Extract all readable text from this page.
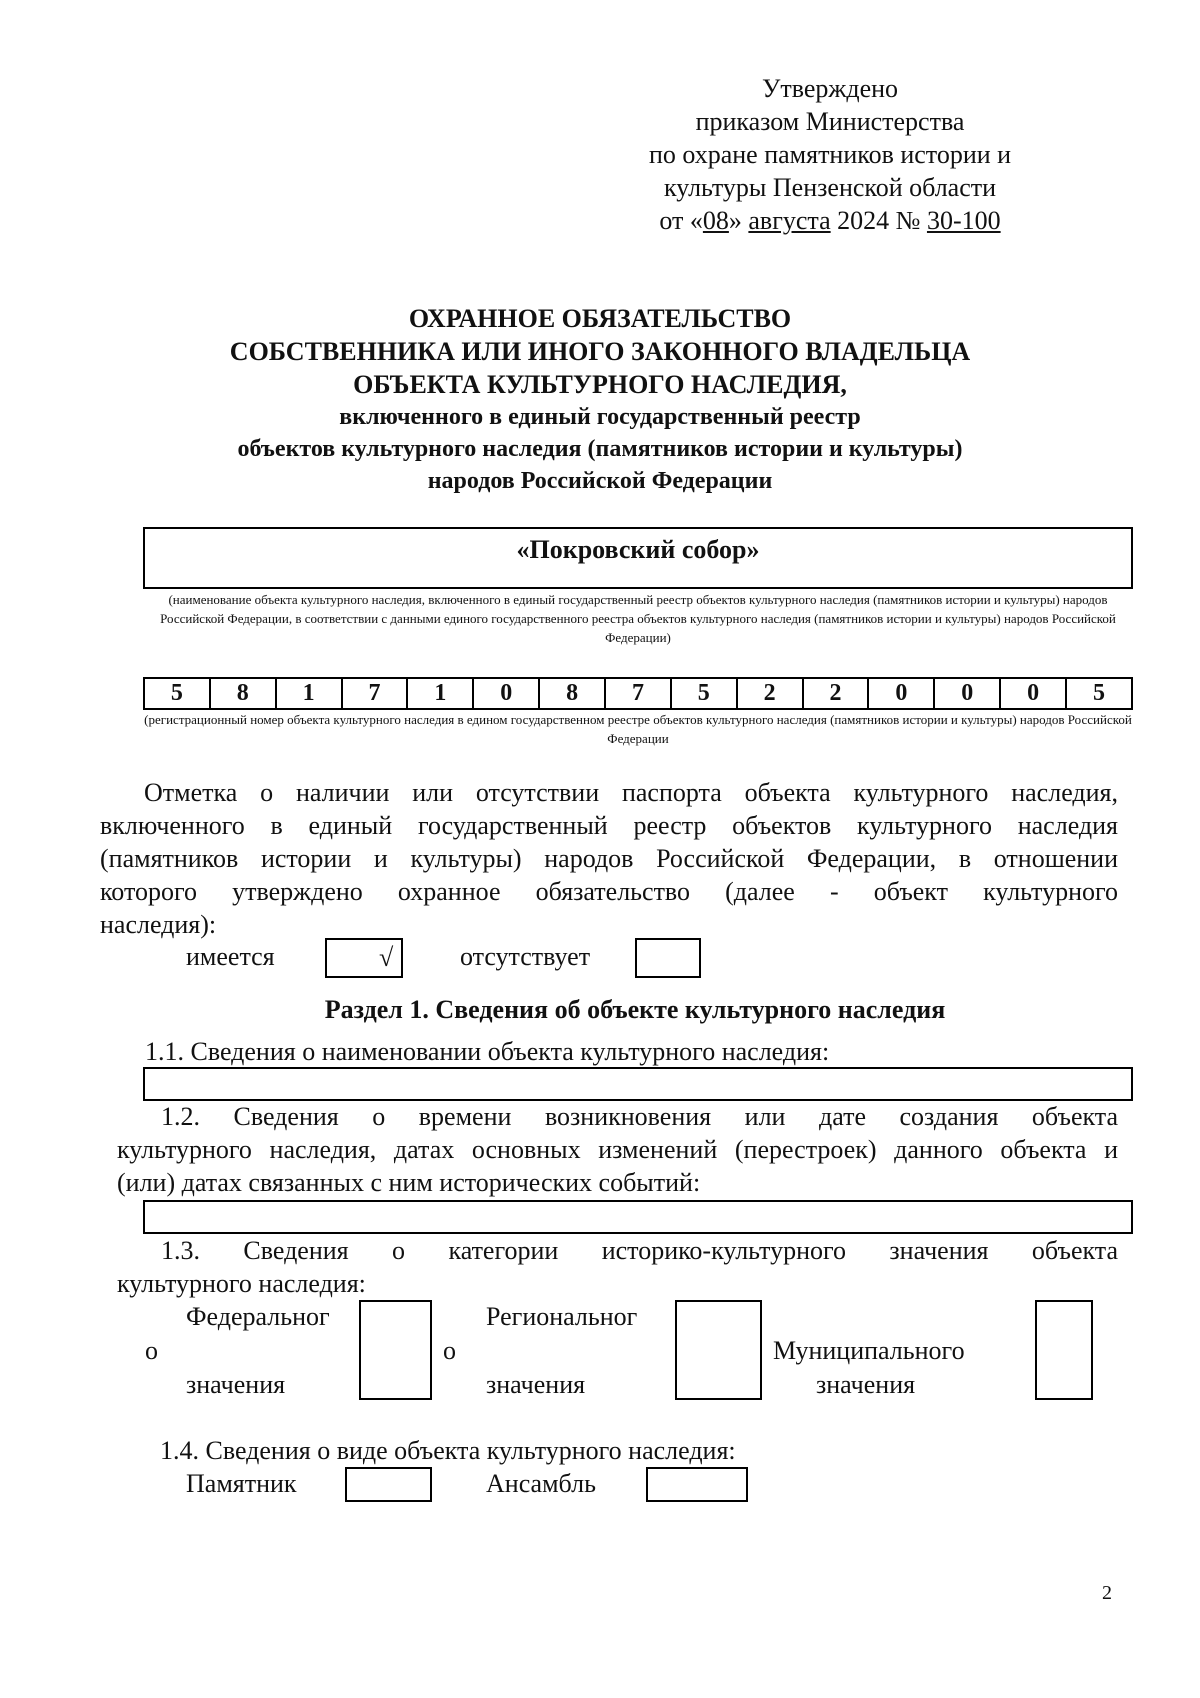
Утверждено
приказом Министерства
по охране памятников истории и
культуры Пензенской области
от «08» августа 2024 № 30-100
ОХРАННОЕ ОБЯЗАТЕЛЬСТВО
СОБСТВЕННИКА ИЛИ ИНОГО ЗАКОННОГО ВЛАДЕЛЬЦА
ОБЪЕКТА КУЛЬТУРНОГО НАСЛЕДИЯ,
включенного в единый государственный реестр
объектов культурного наследия (памятников истории и культуры)
народов Российской Федерации
«Покровский собор»
(наименование объекта культурного наследия, включенного в единый государственный реестр объектов культурного наследия (памятников истории и культуры) народов Российской Федерации, в соответствии с данными единого государственного реестра объектов культурного наследия (памятников истории и культуры) народов Российской Федерации)
5	8	1	7	1	0	8	7	5	2	2	0	0	0	5
(регистрационный номер объекта культурного наследия в едином государственном реестре объектов культурного наследия (памятников истории и культуры) народов Российской Федерации
Отметка о наличии или отсутствии паспорта объекта культурного наследия,
включенного в единый государственный реестр объектов культурного наследия
(памятников истории и культуры) народов Российской Федерации, в отношении
которого утверждено охранное обязательство (далее - объект культурного
наследия):
имеется	√	отсутствует
Раздел 1. Сведения об объекте культурного наследия
1.1. Сведения о наименовании объекта культурного наследия:
1.2. Сведения о времени возникновения или дате создания объекта
культурного наследия, датах основных изменений (перестроек) данного объекта и
(или) датах связанных с ним исторических событий:
1.3. Сведения о категории историко-культурного значения объекта
культурного наследия:
Федеральног
о
значения
Региональног
о
значения
Муниципального
значения
1.4. Сведения о виде объекта культурного наследия:
Памятник	Ансамбль
2
